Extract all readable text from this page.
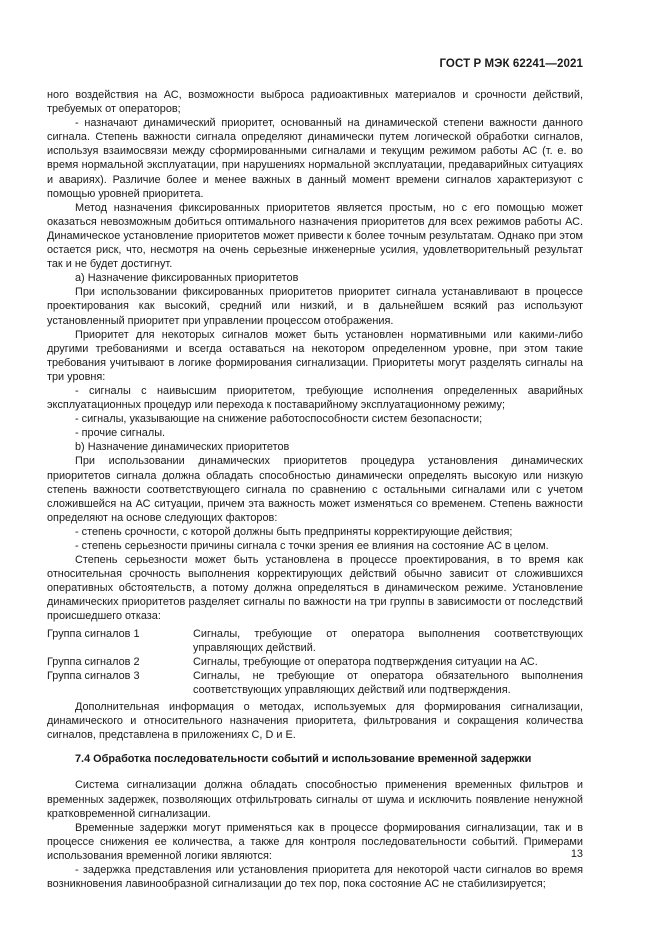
ГОСТ Р МЭК 62241—2021

ного воздействия на АС, возможности выброса радиоактивных материалов и срочности действий, требуемых от операторов;

- назначают динамический приоритет, основанный на динамической степени важности данного сигнала. Степень важности сигнала определяют динамически путем логической обработки сигналов, используя взаимосвязи между сформированными сигналами и текущим режимом работы АС (т. е. во время нормальной эксплуатации, при нарушениях нормальной эксплуатации, предаварийных ситуациях и авариях). Различие более и менее важных в данный момент времени сигналов характеризуют с помощью уровней приоритета.

Метод назначения фиксированных приоритетов является простым, но с его помощью может оказаться невозможным добиться оптимального назначения приоритетов для всех режимов работы АС. Динамическое установление приоритетов может привести к более точным результатам. Однако при этом остается риск, что, несмотря на очень серьезные инженерные усилия, удовлетворительный результат так и не будет достигнут.

а) Назначение фиксированных приоритетов

При использовании фиксированных приоритетов приоритет сигнала устанавливают в процессе проектирования как высокий, средний или низкий, и в дальнейшем всякий раз используют установленный приоритет при управлении процессом отображения.

Приоритет для некоторых сигналов может быть установлен нормативными или какими-либо другими требованиями и всегда оставаться на некотором определенном уровне, при этом такие требования учитывают в логике формирования сигнализации. Приоритеты могут разделять сигналы на три уровня:

- сигналы с наивысшим приоритетом, требующие исполнения определенных аварийных эксплуатационных процедур или перехода к поставарийному эксплуатационному режиму;

- сигналы, указывающие на снижение работоспособности систем безопасности;

- прочие сигналы.

b) Назначение динамических приоритетов

При использовании динамических приоритетов процедура установления динамических приоритетов сигнала должна обладать способностью динамически определять высокую или низкую степень важности соответствующего сигнала по сравнению с остальными сигналами или с учетом сложившейся на АС ситуации, причем эта важность может изменяться со временем. Степень важности определяют на основе следующих факторов:

- степень срочности, с которой должны быть предприняты корректирующие действия;

- степень серьезности причины сигнала с точки зрения ее влияния на состояние АС в целом.

Степень серьезности может быть установлена в процессе проектирования, в то время как относительная срочность выполнения корректирующих действий обычно зависит от сложившихся оперативных обстоятельств, а потому должна определяться в динамическом режиме. Установление динамических приоритетов разделяет сигналы по важности на три группы в зависимости от последствий происшедшего отказа:

Группа сигналов 1	Сигналы, требующие от оператора выполнения соответствующих управляющих действий.
Группа сигналов 2	Сигналы, требующие от оператора подтверждения ситуации на АС.
Группа сигналов 3	Сигналы, не требующие от оператора обязательного выполнения соответствующих управляющих действий или подтверждения.

Дополнительная информация о методах, используемых для формирования сигнализации, динамического и относительного назначения приоритета, фильтрования и сокращения количества сигналов, представлена в приложениях С, D и Е.

7.4 Обработка последовательности событий и использование временной задержки

Система сигнализации должна обладать способностью применения временных фильтров и временных задержек, позволяющих отфильтровать сигналы от шума и исключить появление ненужной кратковременной сигнализации.

Временные задержки могут применяться как в процессе формирования сигнализации, так и в процессе снижения ее количества, а также для контроля последовательности событий. Примерами использования временной логики являются:

- задержка представления или установления приоритета для некоторой части сигналов во время возникновения лавинообразной сигнализации до тех пор, пока состояние АС не стабилизируется;

13
